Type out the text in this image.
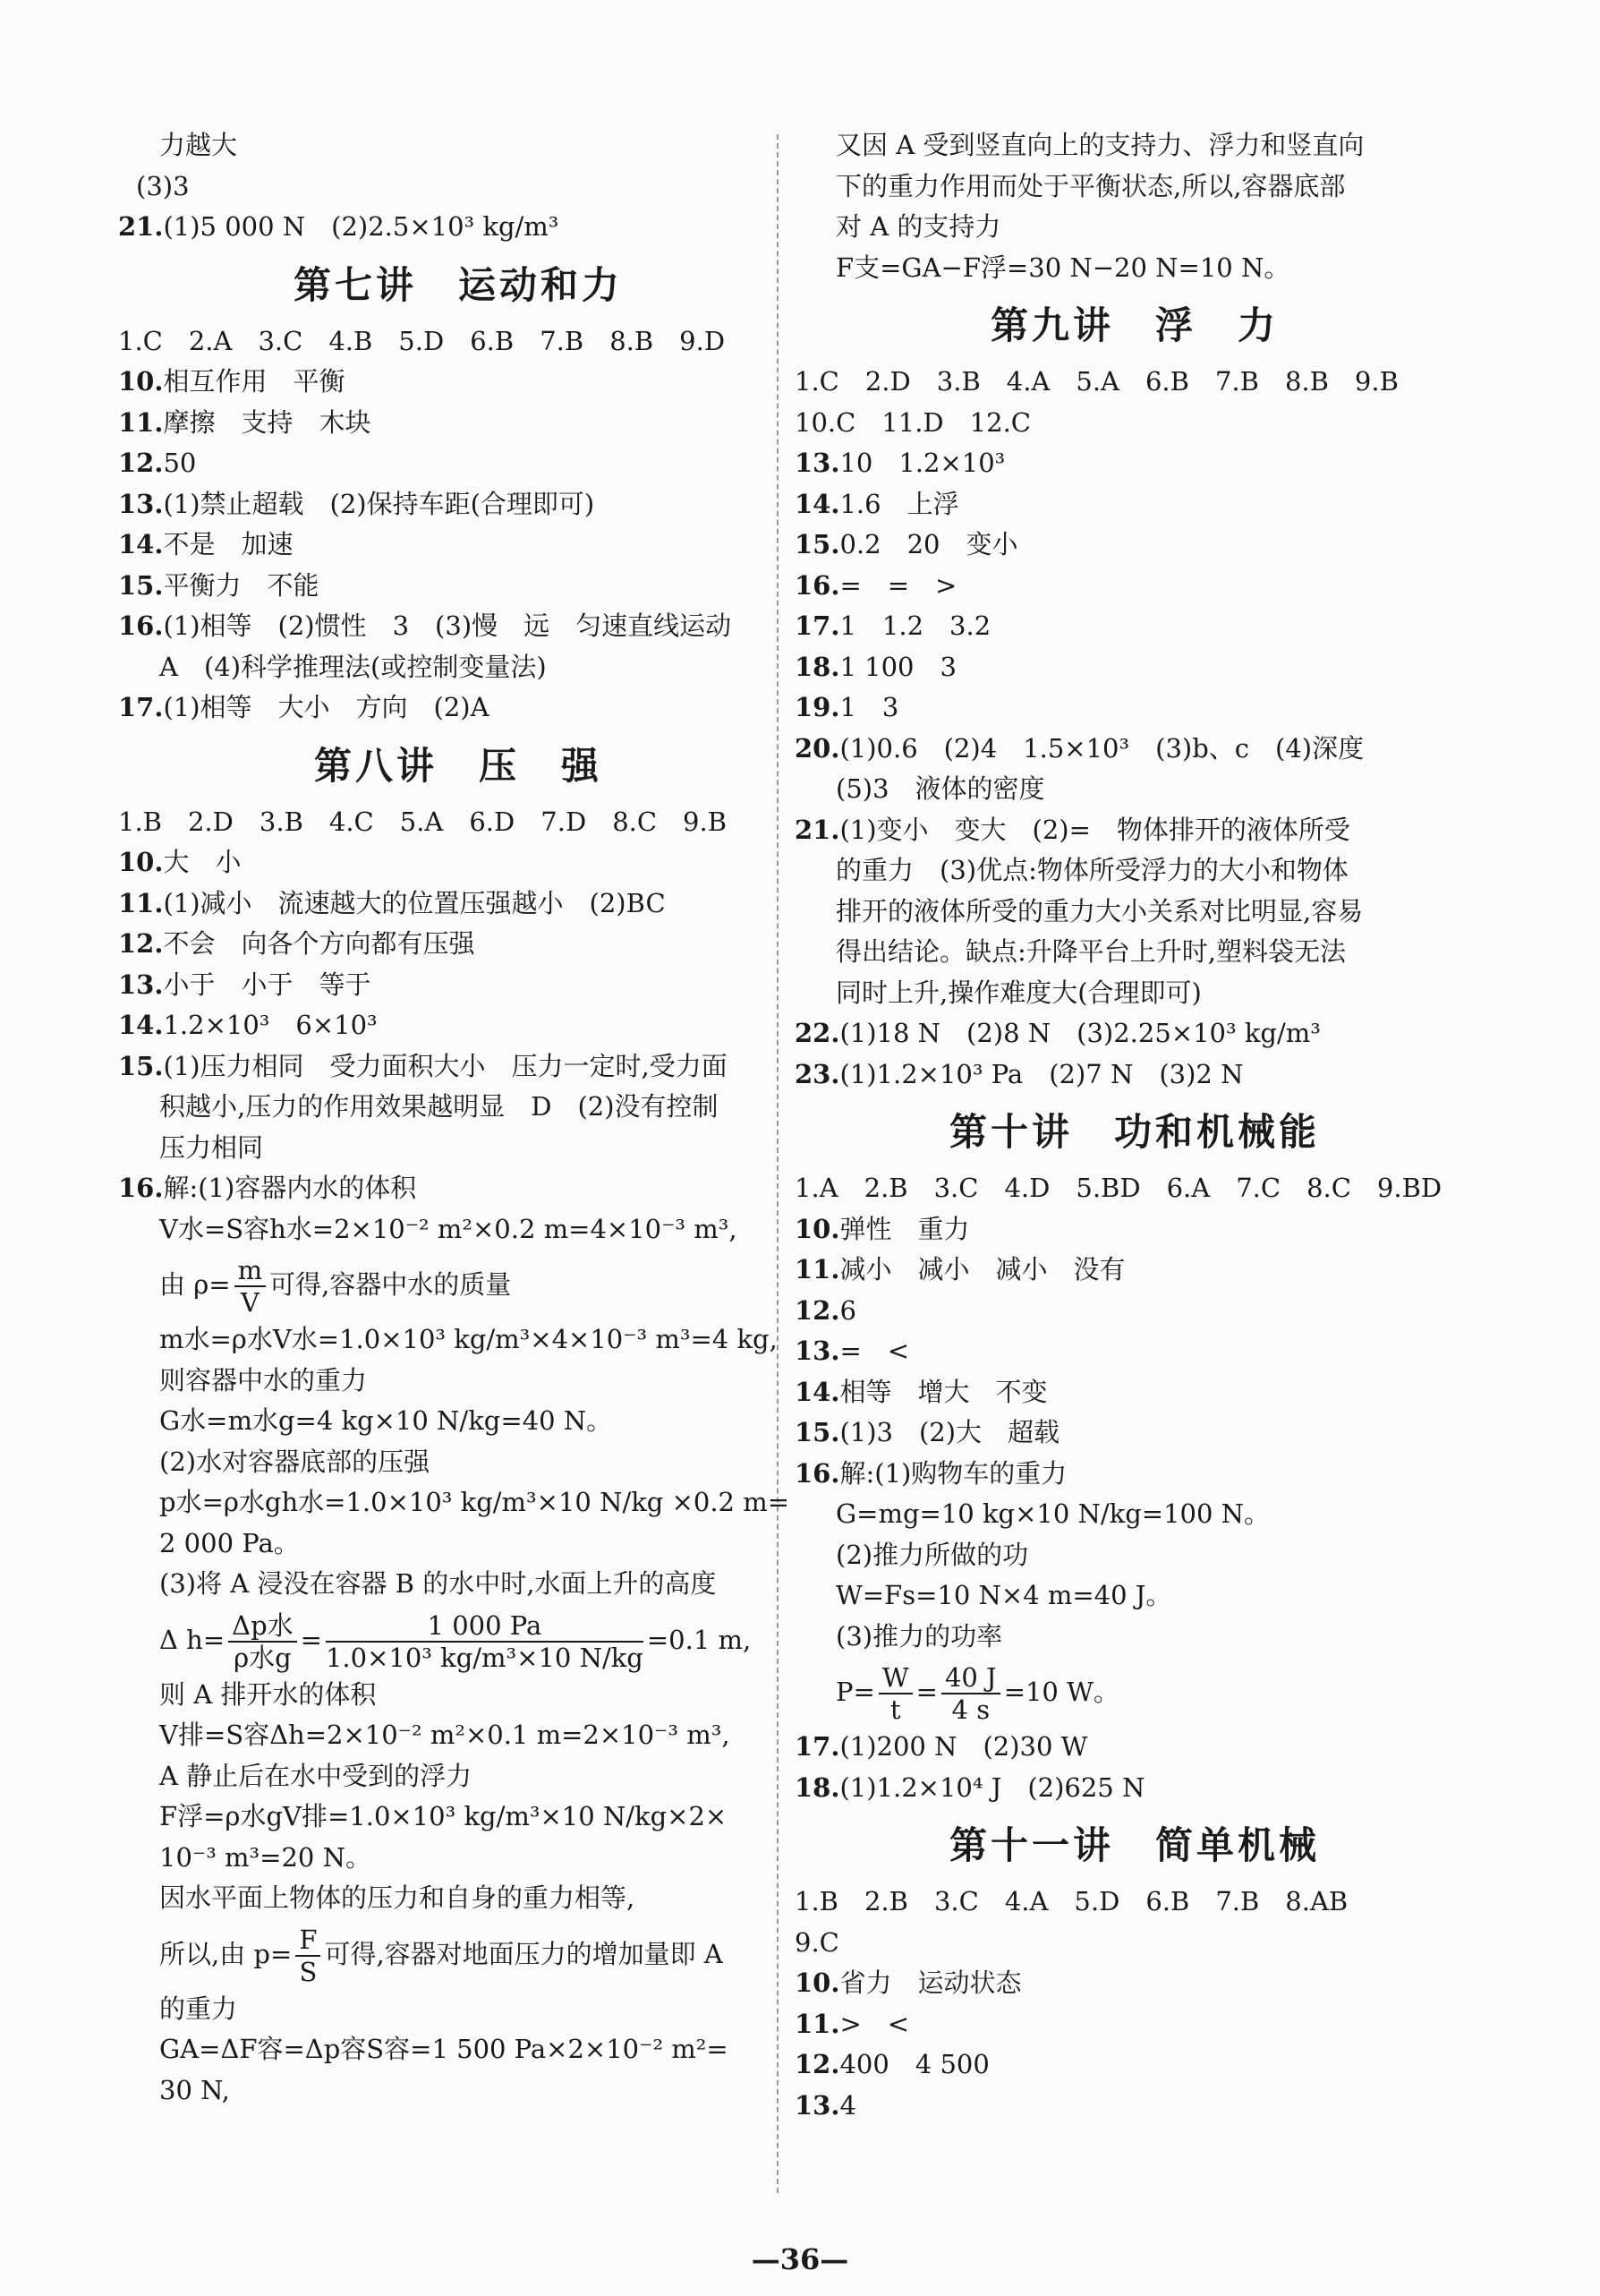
力越大
(3)3
21.(1)5 000 N　(2)2.5×10³ kg/m³
第七讲　运动和力
1.C　2.A　3.C　4.B　5.D　6.B　7.B　8.B　9.D
10.相互作用　平衡
11.摩擦　支持　木块
12.50
13.(1)禁止超载　(2)保持车距(合理即可)
14.不是　加速
15.平衡力　不能
16.(1)相等　(2)惯性　3　(3)慢　远　匀速直线运动
A　(4)科学推理法(或控制变量法)
17.(1)相等　大小　方向　(2)A
第八讲　压　强
1.B　2.D　3.B　4.C　5.A　6.D　7.D　8.C　9.B
10.大　小
11.(1)减小　流速越大的位置压强越小　(2)BC
12.不会　向各个方向都有压强
13.小于　小于　等于
14.1.2×10³　6×10³
15.(1)压力相同　受力面积大小　压力一定时,受力面
积越小,压力的作用效果越明显　D　(2)没有控制
压力相同
16.解:(1)容器内水的体积
V水=S容h水=2×10⁻² m²×0.2 m=4×10⁻³ m³,
由 $\rho= \frac{m}{V}$ 可得,容器中水的质量
m水=ρ水V水=1.0×10³ kg/m³×4×10⁻³ m³=4 kg,
则容器中水的重力
G水=m水g=4 kg×10 N/kg=40 N。
(2)水对容器底部的压强
p水=ρ水gh水=1.0×10³ kg/m³×10 N/kg ×0.2 m=
2 000 Pa。
(3)将 A 浸没在容器 B 的水中时,水面上升的高度
Δ $h= \frac{\text{Δp水}}{\text{ρ水g}} = \frac{1 000 Pa}{\text{1.0×10³ kg/m³×10 N/kg}} =0.1$ m,
则 A 排开水的体积
V排=S容Δh=2×10⁻² m²×0.1 m=2×10⁻³ m³,
A 静止后在水中受到的浮力
F浮=ρ水gV排=1.0×10³ kg/m³×10 N/kg×2×
10⁻³ m³=20 N。
因水平面上物体的压力和自身的重力相等,
所以,由 $p= \frac{F}{S}$ 可得,容器对地面压力的增加量即 A
的重力
GA=ΔF容=Δp容S容=1 500 Pa×2×10⁻² m²=
30 N,
又因 A 受到竖直向上的支持力、浮力和竖直向
下的重力作用而处于平衡状态,所以,容器底部
对 A 的支持力
F支=GA−F浮=30 N−20 N=10 N。
第九讲　浮　力
1.C　2.D　3.B　4.A　5.A　6.B　7.B　8.B　9.B
10.C　11.D　12.C
13.10　1.2×10³
14.1.6　上浮
15.0.2　20　变小
16.=　=　>
17.1　1.2　3.2
18.1 100　3
19.1　3
20.(1)0.6　(2)4　1.5×10³　(3)b、c　(4)深度
(5)3　液体的密度
21.(1)变小　变大　(2)=　物体排开的液体所受
的重力　(3)优点:物体所受浮力的大小和物体
排开的液体所受的重力大小关系对比明显,容易
得出结论。缺点:升降平台上升时,塑料袋无法
同时上升,操作难度大(合理即可)
22.(1)18 N　(2)8 N　(3)2.25×10³ kg/m³
23.(1)1.2×10³ Pa　(2)7 N　(3)2 N
第十讲　功和机械能
1.A　2.B　3.C　4.D　5.BD　6.A　7.C　8.C　9.BD
10.弹性　重力
11.减小　减小　减小　没有
12.6
13.=　<
14.相等　增大　不变
15.(1)3　(2)大　超载
16.解:(1)购物车的重力
G=mg=10 kg×10 N/kg=100 N。
(2)推力所做的功
W=Fs=10 N×4 m=40 J。
(3)推力的功率
$P= \frac{W}{t} = \frac{40 J}{4 s} =10$ W。
17.(1)200 N　(2)30 W
18.(1)1.2×10⁴ J　(2)625 N
第十一讲　简单机械
1.B　2.B　3.C　4.A　5.D　6.B　7.B　8.AB
9.C
10.省力　运动状态
11.>　<
12.400　4 500
13.4
—36—
